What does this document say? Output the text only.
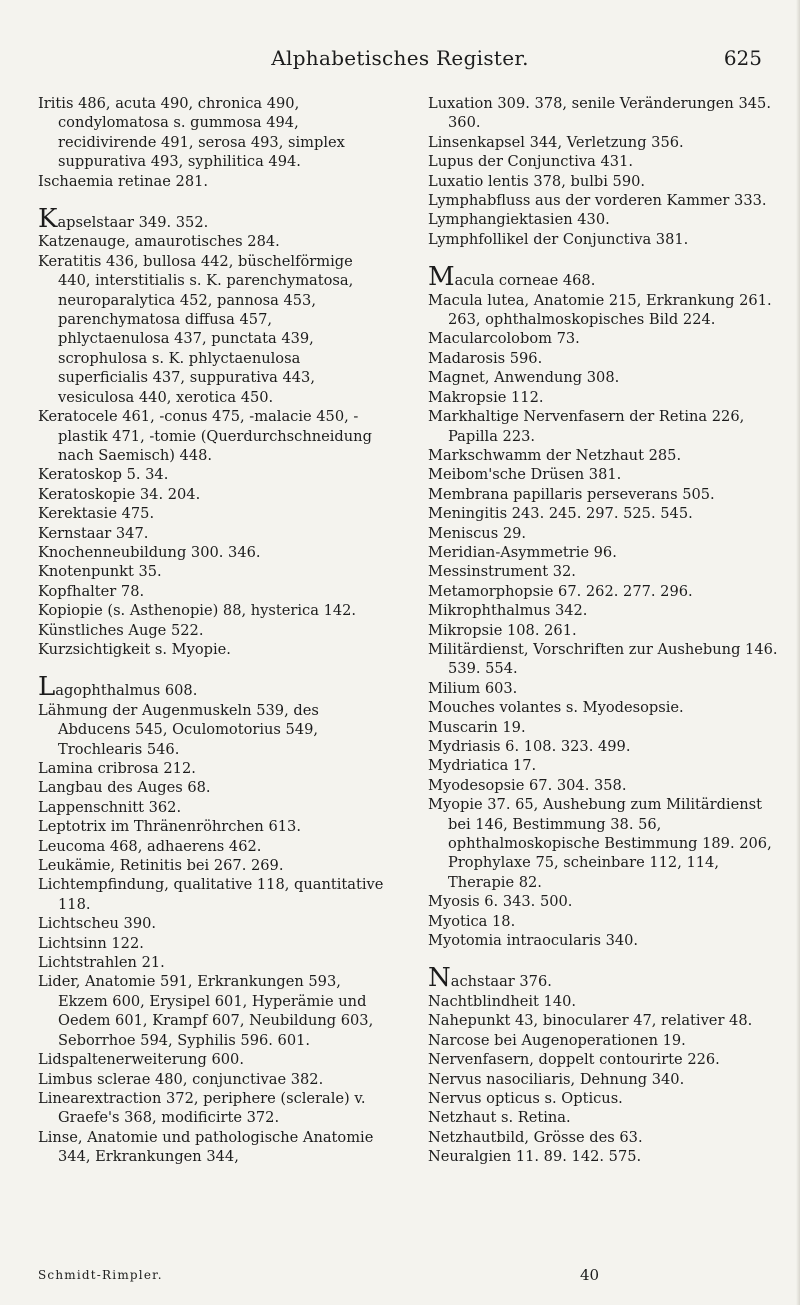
Alphabetisches Register.	625

Iritis 486, acuta 490, chronica 490, condylomatosa s. gummosa 494, recidivirende 491, serosa 493, simplex suppurativa 493, syphilitica 494.

Ischaemia retinae 281.

Kapselstaar 349. 352.

Katzenauge, amaurotisches 284.

Keratitis 436, bullosa 442, büschelförmige 440, interstitialis s. K. parenchymatosa, neuroparalytica 452, pannosa 453, parenchymatosa diffusa 457, phlyctaenulosa 437, punctata 439, scrophulosa s. K. phlyctaenulosa superficialis 437, suppurativa 443, vesiculosa 440, xerotica 450.

Keratocele 461, -conus 475, -malacie 450, -plastik 471, -tomie (Querdurchschneidung nach Saemisch) 448.

Keratoskop 5. 34.

Keratoskopie 34. 204.

Kerektasie 475.

Kernstaar 347.

Knochenneubildung 300. 346.

Knotenpunkt 35.

Kopfhalter 78.

Kopiopie (s. Asthenopie) 88, hysterica 142.

Künstliches Auge 522.

Kurzsichtigkeit s. Myopie.

Lagophthalmus 608.

Lähmung der Augenmuskeln 539, des Abducens 545, Oculomotorius 549, Trochlearis 546.

Lamina cribrosa 212.

Langbau des Auges 68.

Lappenschnitt 362.

Leptotrix im Thränenröhrchen 613.

Leucoma 468, adhaerens 462.

Leukämie, Retinitis bei 267. 269.

Lichtempfindung, qualitative 118, quantitative 118.

Lichtscheu 390.

Lichtsinn 122.

Lichtstrahlen 21.

Lider, Anatomie 591, Erkrankungen 593, Ekzem 600, Erysipel 601, Hyperämie und Oedem 601, Krampf 607, Neubildung 603, Seborrhoe 594, Syphilis 596. 601.

Lidspaltenerweiterung 600.

Limbus sclerae 480, conjunctivae 382.

Linearextraction 372, periphere (sclerale) v. Graefe's 368, modificirte 372.

Linse, Anatomie und pathologische Anatomie 344, Erkrankungen 344,

Luxation 309. 378, senile Veränderungen 345. 360.

Linsenkapsel 344, Verletzung 356.

Lupus der Conjunctiva 431.

Luxatio lentis 378, bulbi 590.

Lymphabfluss aus der vorderen Kammer 333.

Lymphangiektasien 430.

Lymphfollikel der Conjunctiva 381.

Macula corneae 468.

Macula lutea, Anatomie 215, Erkrankung 261. 263, ophthalmoskopisches Bild 224.

Macularcolobom 73.

Madarosis 596.

Magnet, Anwendung 308.

Makropsie 112.

Markhaltige Nervenfasern der Retina 226, Papilla 223.

Markschwamm der Netzhaut 285.

Meibom'sche Drüsen 381.

Membrana papillaris perseverans 505.

Meningitis 243. 245. 297. 525. 545.

Meniscus 29.

Meridian-Asymmetrie 96.

Messinstrument 32.

Metamorphopsie 67. 262. 277. 296.

Mikrophthalmus 342.

Mikropsie 108. 261.

Militärdienst, Vorschriften zur Aushebung 146. 539. 554.

Milium 603.

Mouches volantes s. Myodesopsie.

Muscarin 19.

Mydriasis 6. 108. 323. 499.

Mydriatica 17.

Myodesopsie 67. 304. 358.

Myopie 37. 65, Aushebung zum Militärdienst bei 146, Bestimmung 38. 56, ophthalmoskopische Bestimmung 189. 206, Prophylaxe 75, scheinbare 112, 114, Therapie 82.

Myosis 6. 343. 500.

Myotica 18.

Myotomia intraocularis 340.

Nachstaar 376.

Nachtblindheit 140.

Nahepunkt 43, binocularer 47, relativer 48.

Narcose bei Augenoperationen 19.

Nervenfasern, doppelt contourirte 226.

Nervus nasociliaris, Dehnung 340.

Nervus opticus s. Opticus.

Netzhaut s. Retina.

Netzhautbild, Grösse des 63.

Neuralgien 11. 89. 142. 575.

Schmidt-Rimpler.	40
